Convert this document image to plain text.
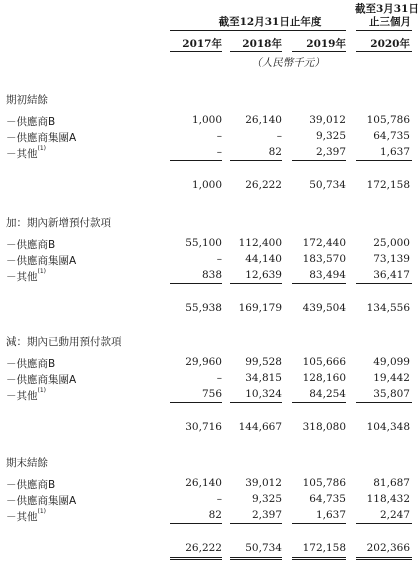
截至12月31日止年度
截至3月31日
止三個月
2017年	2018年	2019年	2020年
（人民幣千元）
期初結餘
－供應商B	1,000	26,140	39,012	105,786
－供應商集團A	–	–	9,325	64,735
－其他$^{(1)}$	–	82	2,397	1,637
1,000	26,222	50,734	172,158
加：期內新增預付款項
－供應商B	55,100	112,400	172,440	25,000
－供應商集團A	–	44,140	183,570	73,139
－其他$^{(1)}$	838	12,639	83,494	36,417
55,938	169,179	439,504	134,556
減：期內已動用預付款項
－供應商B	29,960	99,528	105,666	49,099
－供應商集團A	–	34,815	128,160	19,442
－其他$^{(1)}$	756	10,324	84,254	35,807
30,716	144,667	318,080	104,348
期末結餘
－供應商B	26,140	39,012	105,786	81,687
－供應商集團A	–	9,325	64,735	118,432
－其他$^{(1)}$	82	2,397	1,637	2,247
26,222	50,734	172,158	202,366
